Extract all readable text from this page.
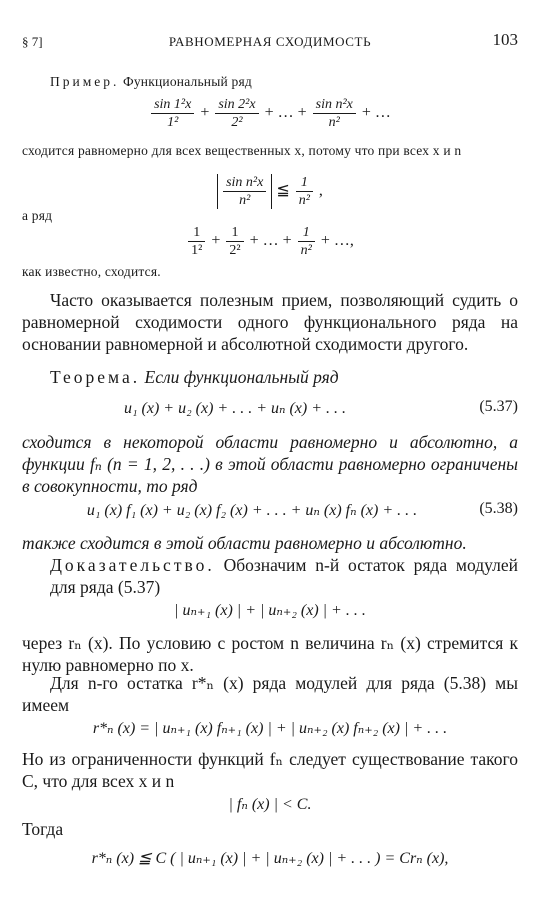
§ 7]	РАВНОМЕРНАЯ СХОДИМОСТЬ	103
Пример. Функциональный ряд
$\frac{\text{sin 1²x}}{\text{1²}} + \frac{\text{sin 2²x}}{\text{2²}}$ + … + $\frac{\text{sin n²x}}{\text{n²}}$ + …
сходится равномерно для всех вещественных x, потому что при всех x и n
$\frac{\text{sin n²x}}{\text{n²}}$ ≦ $\frac{1}{\text{n²}}$ ,
а ряд
$\frac{1}{\text{1²}} + \frac{1}{\text{2²}}$ + … + $\frac{1}{\text{n²}}$ + …,
как известно, сходится.
Часто оказывается полезным прием, позволяющий судить о равномерной сходимости одного функционального ряда на основании равномерной и абсолютной сходимости другого.
Теорема. Если функциональный ряд
u₁ (x) + u₂ (x) + . . . + uₙ (x) + . . .	(5.37)
сходится в некоторой области равномерно и абсолютно, а функции fₙ (n = 1, 2, . . .) в этой области равномерно ограничены в совокупности, то ряд
u₁ (x) f₁ (x) + u₂ (x) f₂ (x) + . . . + uₙ (x) fₙ (x) + . . .	(5.38)
также сходится в этой области равномерно и абсолютно.
Доказательство. Обозначим n-й остаток ряда модулей для ряда (5.37)
| uₙ₊₁ (x) | + | uₙ₊₂ (x) | + . . .
через rₙ (x). По условию с ростом n величина rₙ (x) стремится к нулю равномерно по x.
Для n-го остатка r*ₙ (x) ряда модулей для ряда (5.38) мы имеем
r*ₙ (x) = | uₙ₊₁ (x) fₙ₊₁ (x) | + | uₙ₊₂ (x) fₙ₊₂ (x) | + . . .
Но из ограниченности функций fₙ следует существование такого C, что для всех x и n
| fₙ (x) | < C.
Тогда
r*ₙ (x) ≦ C ( | uₙ₊₁ (x) | + | uₙ₊₂ (x) | + . . . ) = Crₙ (x),
